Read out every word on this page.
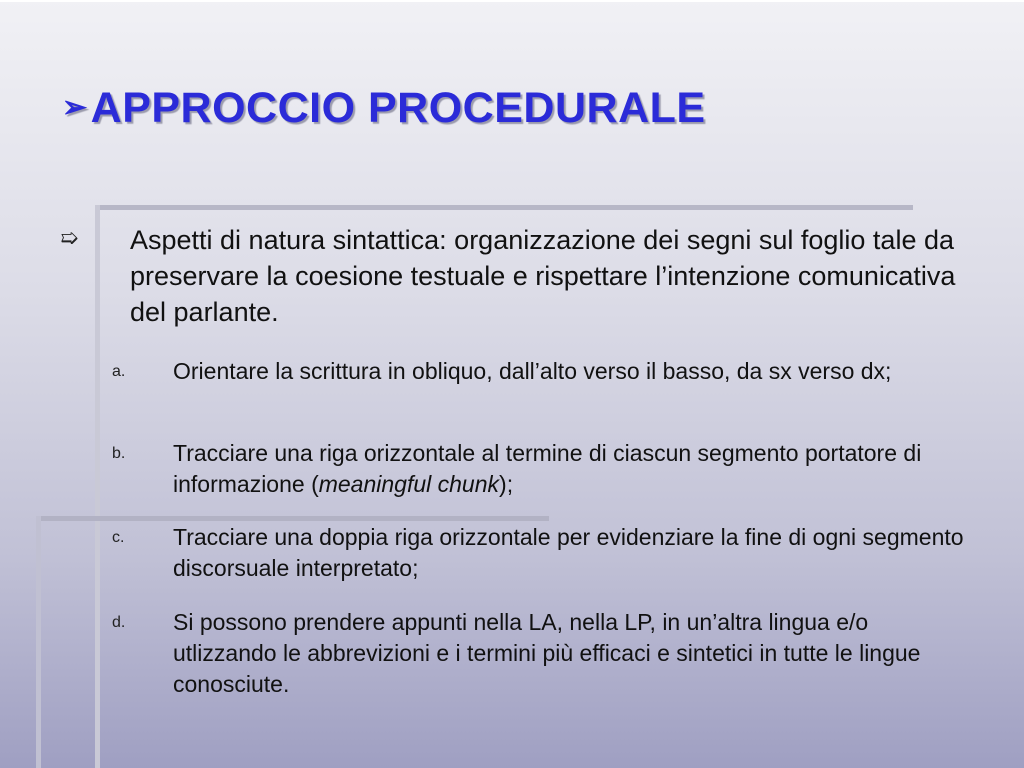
➢APPROCCIO PROCEDURALE
➯	Aspetti di natura sintattica: organizzazione dei segni sul foglio tale da preservare la coesione testuale e rispettare l’intenzione comunicativa del parlante.
a.	Orientare la scrittura in obliquo, dall’alto verso il basso, da sx verso dx;
b.	Tracciare una riga orizzontale al termine di ciascun segmento portatore di informazione (meaningful chunk);
c.	Tracciare una doppia riga orizzontale per evidenziare la fine di ogni segmento discorsuale interpretato;
d.	Si possono prendere appunti nella LA, nella LP, in un’altra lingua e/o utlizzando le abbrevizioni e i termini più efficaci e sintetici in tutte le lingue conosciute.
